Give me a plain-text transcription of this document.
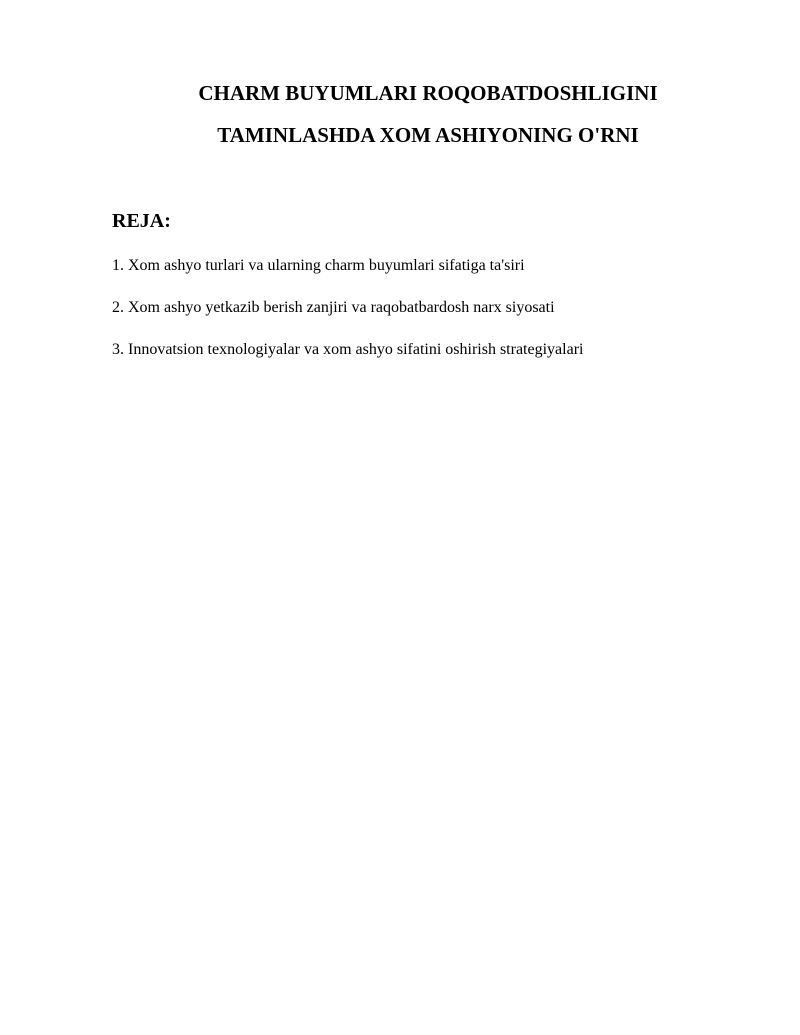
CHARM BUYUMLARI ROQOBATDOSHLIGINI
TAMINLASHDA XOM ASHIYONING O'RNI
REJA:
1. Xom ashyo turlari va ularning charm buyumlari sifatiga ta'siri
2. Xom ashyo yetkazib berish zanjiri va raqobatbardosh narx siyosati
3. Innovatsion texnologiyalar va xom ashyo sifatini oshirish strategiyalari
